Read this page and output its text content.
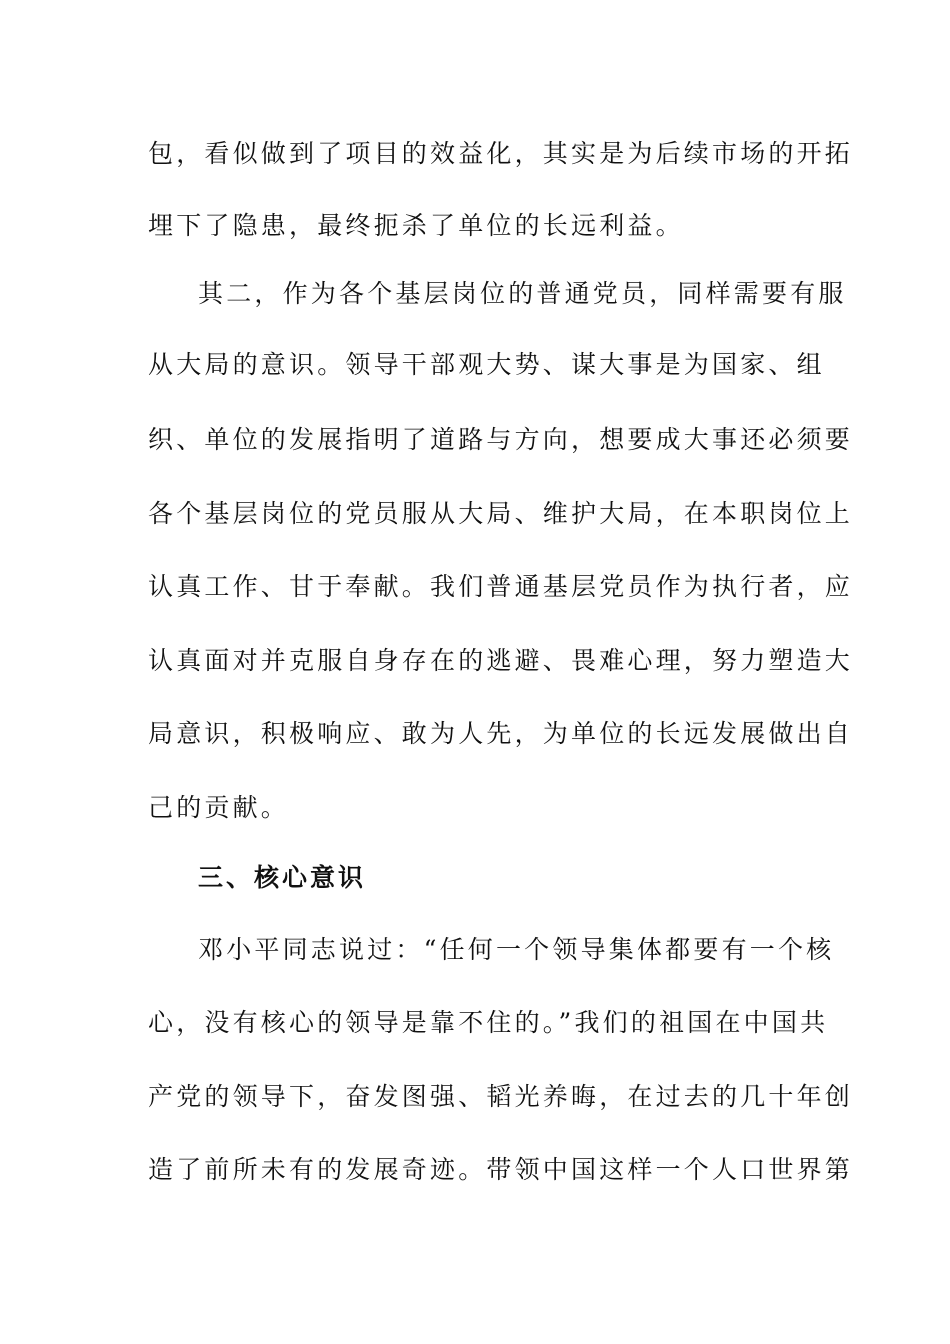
包，看似做到了项目的效益化，其实是为后续市场的开拓
埋下了隐患，最终扼杀了单位的长远利益。
其二，作为各个基层岗位的普通党员，同样需要有服
从大局的意识。领导干部观大势、谋大事是为国家、组
织、单位的发展指明了道路与方向，想要成大事还必须要
各个基层岗位的党员服从大局、维护大局，在本职岗位上
认真工作、甘于奉献。我们普通基层党员作为执行者，应
认真面对并克服自身存在的逃避、畏难心理，努力塑造大
局意识，积极响应、敢为人先，为单位的长远发展做出自
己的贡献。
三、核心意识
邓小平同志说过：“任何一个领导集体都要有一个核
心，没有核心的领导是靠不住的。”我们的祖国在中国共
产党的领导下，奋发图强、韬光养晦，在过去的几十年创
造了前所未有的发展奇迹。带领中国这样一个人口世界第
